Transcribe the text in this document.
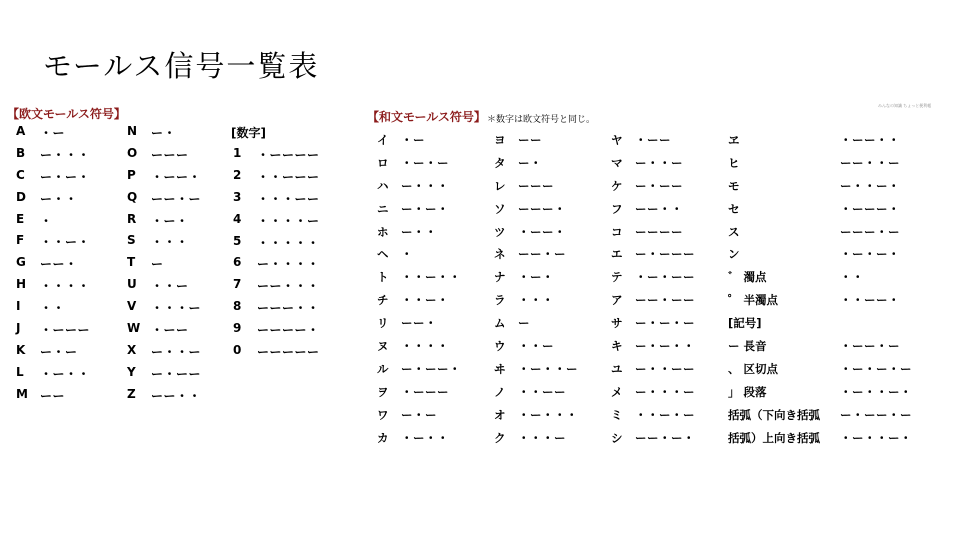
モールス信号一覧表
【欧文モールス符号】
[数字]
A ・ー
B ー・・・
C ー・ー・
D ー・・
E ・
F ・・ー・
G ーー・
H ・・・・
I ・・
J ・ーーー
K ー・ー
L ・ー・・
M ーー
N ー・
O ーーー
P ・ーー・
Q ーー・ー
R ・ー・
S ・・・
T ー
U ・・ー
V ・・・ー
W ・ーー
X ー・・ー
Y ー・ーー
Z ーー・・
1 ・ーーーー
2 ・・ーーー
3 ・・・ーー
4 ・・・・ー
5 ・・・・・
6 ー・・・・
7 ーー・・・
8 ーーー・・
9 ーーーー・
0 ーーーーー
【和文モールス符号】 ＊数字は欧文符号と同じ。
みんなの知識 ちょっと便利帳
イ ・ー
ロ ・ー・ー
ハ ー・・・
ニ ー・ー・
ホ ー・・
ヘ ・
ト ・・ー・・
チ ・・ー・
リ ーー・
ヌ ・・・・
ル ー・ーー・
ヲ ・ーーー
ワ ー・ー
カ ・ー・・
ヨ ーー
タ ー・
レ ーーー
ソ ーーー・
ツ ・ーー・
ネ ーー・ー
ナ ・ー・
ラ ・・・
ム ー
ウ ・・ー
ヰ ・ー・・ー
ノ ・・ーー
オ ・ー・・・
ク ・・・ー
ヤ ・ーー
マ ー・・ー
ケ ー・ーー
フ ーー・・
コ ーーーー
エ ー・ーーー
テ ・ー・ーー
ア ーー・ーー
サ ー・ー・ー
キ ー・ー・・
ユ ー・・ーー
メ ー・・・ー
ミ ・・ー・ー
シ ーー・ー・
ヱ	・ーー・・
ヒ	ーー・・ー
モ	ー・・ー・
セ	・ーーー・
ス	ーーー・ー
ン	・ー・ー・
゛ 濁点	・・
゜ 半濁点	・・ーー・
[記号]
ー 長音	・ーー・ー
、 区切点	・ー・ー・ー
」 段落	・ー・・ー・
括弧（下向き括弧 ー・ーー・ー
括弧）上向き括弧 ・ー・・ー・
